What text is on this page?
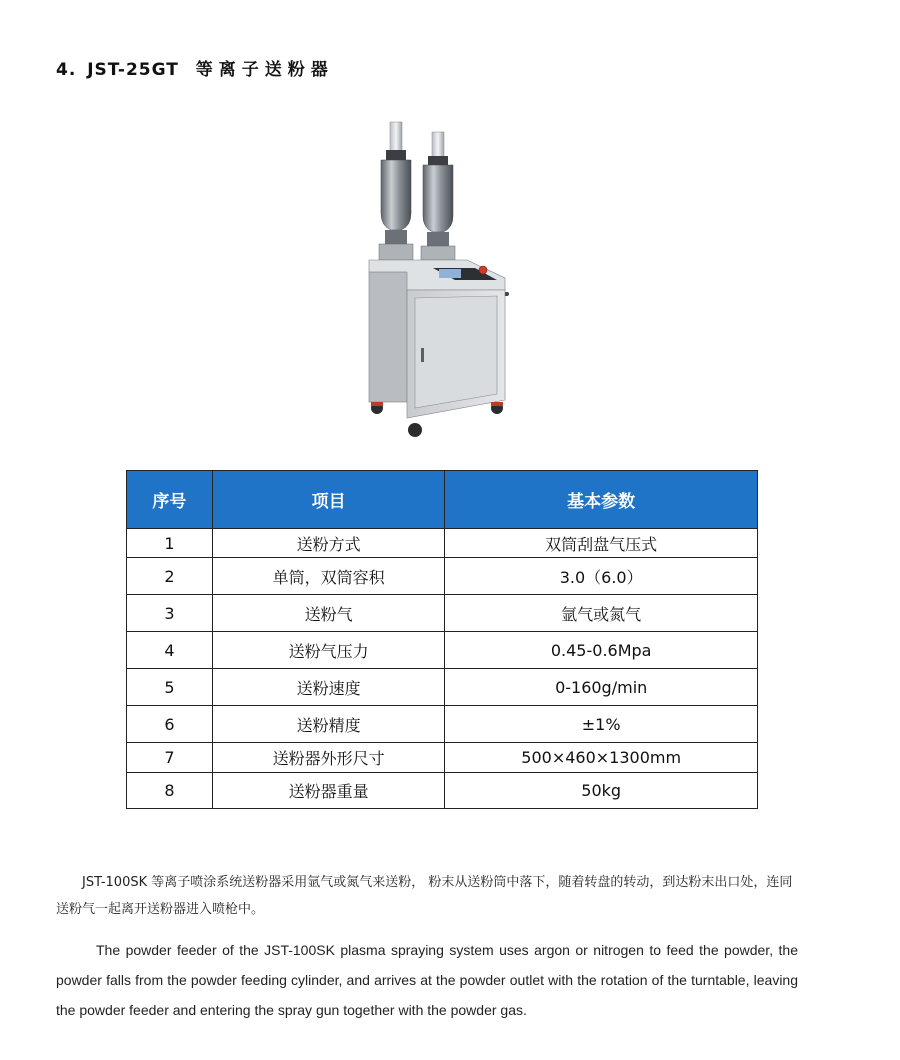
4. JST-25GT 等离子送粉器
序号	项目	基本参数
1	送粉方式	双筒刮盘气压式
2	单筒，双筒容积	3.0（6.0）
3	送粉气	氩气或氮气
4	送粉气压力	0.45-0.6Mpa
5	送粉速度	0-160g/min
6	送粉精度	±1%
7	送粉器外形尺寸	500×460×1300mm
8	送粉器重量	50kg

JST-100SK 等离子喷涂系统送粉器采用氩气或氮气来送粉， 粉末从送粉筒中落下，随着转盘的转动，到达粉末出口处，连同送粉气一起离开送粉器进入喷枪中。

The powder feeder of the JST-100SK plasma spraying system uses argon or nitrogen to feed the powder, the powder falls from the powder feeding cylinder, and arrives at the powder outlet with the rotation of the turntable, leaving the powder feeder and entering the spray gun together with the powder gas.
